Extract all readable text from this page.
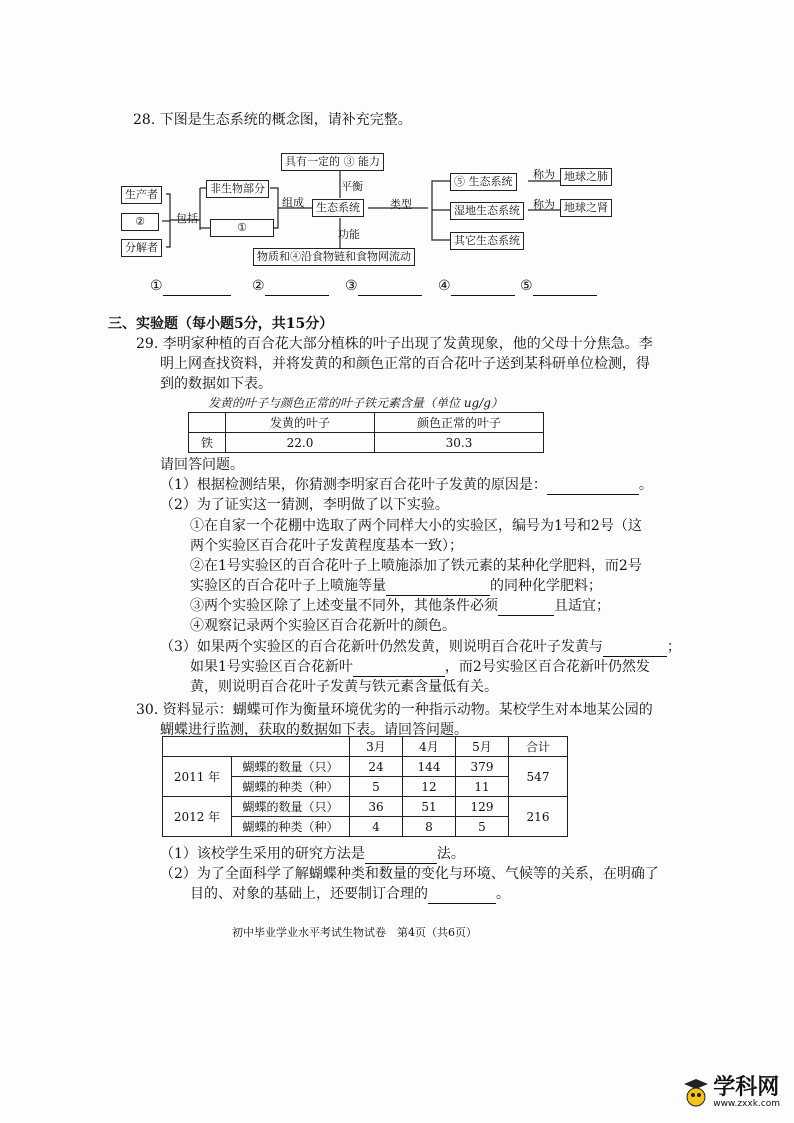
28. 下图是生态系统的概念图，请补充完整。
具有一定的 ③ 能力
平衡
非生物部分
组成	生态系统	类型
生产者
②
分解者
包括
①
功能
物质和④沿食物链和食物网流动
⑤ 生态系统
湿地生态系统
其它生态系统
称为
称为
地球之肺
地球之肾
①	②	③	④	⑤
三、实验题（每小题5分，共15分）
29. 李明家种植的百合花大部分植株的叶子出现了发黄现象，他的父母十分焦急。李
明上网查找资料，并将发黄的和颜色正常的百合花叶子送到某科研单位检测，得
到的数据如下表。
发黄的叶子与颜色正常的叶子铁元素含量（单位 ug/g）
	发黄的叶子	颜色正常的叶子
铁	22.0	30.3
请回答问题。
（1）根据检测结果，你猜测李明家百合花叶子发黄的原因是：	。
（2）为了证实这一猜测，李明做了以下实验。
①在自家一个花棚中选取了两个同样大小的实验区，编号为1号和2号（这
两个实验区百合花叶子发黄程度基本一致）；
②在1号实验区的百合花叶子上喷施添加了铁元素的某种化学肥料，而2号
实验区的百合花叶子上喷施等量	的同种化学肥料；
③两个实验区除了上述变量不同外，其他条件必须	且适宜；
④观察记录两个实验区百合花新叶的颜色。
（3）如果两个实验区的百合花新叶仍然发黄，则说明百合花叶子发黄与	；
如果1号实验区百合花新叶	，而2号实验区百合花新叶仍然发
黄，则说明百合花叶子发黄与铁元素含量低有关。
30. 资料显示：蝴蝶可作为衡量环境优劣的一种指示动物。某校学生对本地某公园的
蝴蝶进行监测，获取的数据如下表。请回答问题。
		3月	4月	5月	合计
2011 年	蝴蝶的数量（只）	24	144	379	547
	蝴蝶的种类（种）	5	12	11	
2012 年	蝴蝶的数量（只）	36	51	129	216
	蝴蝶的种类（种）	4	8	5	
（1）该校学生采用的研究方法是	法。
（2）为了全面科学了解蝴蝶种类和数量的变化与环境、气候等的关系，在明确了
目的、对象的基础上，还要制订合理的	。
初中毕业学业水平考试生物试卷　第4页（共6页）
学科网
www.zxxk.com
